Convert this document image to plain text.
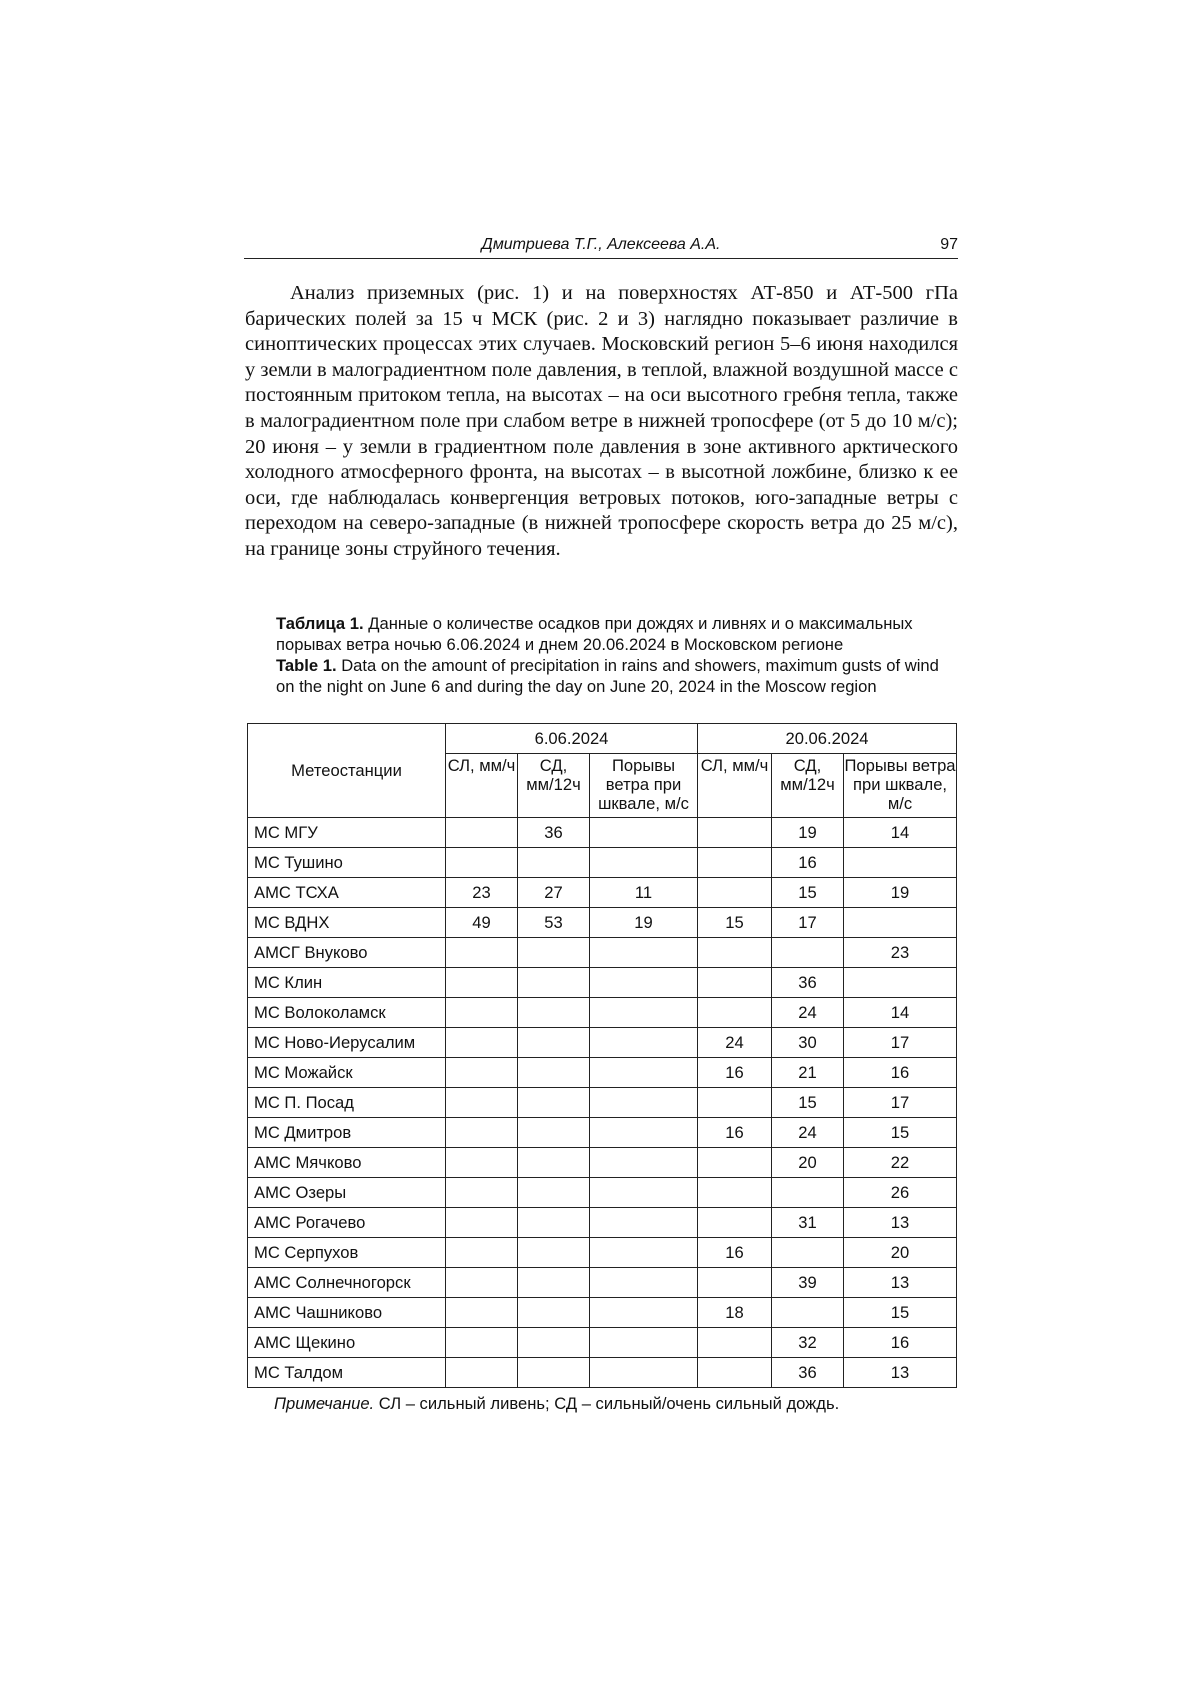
Дмитриева Т.Г., Алексеева А.А.	97

Анализ приземных (рис. 1) и на поверхностях АТ-850 и АТ-500 гПа барических полей за 15 ч МСК (рис. 2 и 3) наглядно показывает различие в синоптических процессах этих случаев. Московский регион 5–6 июня находился у земли в малоградиентном поле давления, в теплой, влажной воздушной массе с постоянным притоком тепла, на высотах – на оси высотного гребня тепла, также в малоградиентном поле при слабом ветре в нижней тропосфере (от 5 до 10 м/с); 20 июня – у земли в градиентном поле давления в зоне активного арктического холодного атмосферного фронта, на высотах – в высотной ложбине, близко к ее оси, где наблюдалась конвергенция ветровых потоков, юго-западные ветры с переходом на северо-западные (в нижней тропосфере скорость ветра до 25 м/с), на границе зоны струйного течения.

Таблица 1. Данные о количестве осадков при дождях и ливнях и о максимальных порывах ветра ночью 6.06.2024 и днем 20.06.2024 в Московском регионе

Table 1. Data on the amount of precipitation in rains and showers, maximum gusts of wind on the night on June 6 and during the day on June 20, 2024 in the Moscow region

Метеостанции	6.06.2024			20.06.2024		
	СЛ, мм/ч	СД, мм/12ч	Порывы ветра при шквале, м/с	СЛ, мм/ч	СД, мм/12ч	Порывы ветра при шквале, м/с
МС МГУ		36			19	14
МС Тушино					16	
АМС ТСХА	23	27	11		15	19
МС ВДНХ	49	53	19	15	17	
АМСГ Внуково						23
МС Клин					36	
МС Волоколамск					24	14
МС Ново-Иерусалим				24	30	17
МС Можайск				16	21	16
МС П. Посад					15	17
МС Дмитров				16	24	15
АМС Мячково					20	22
АМС Озеры						26
АМС Рогачево					31	13
МС Серпухов				16		20
АМС Солнечногорск					39	13
АМС Чашниково				18		15
АМС Щекино					32	16
МС Талдом					36	13
Примечание. СЛ – сильный ливень; СД – сильный/очень сильный дождь.
